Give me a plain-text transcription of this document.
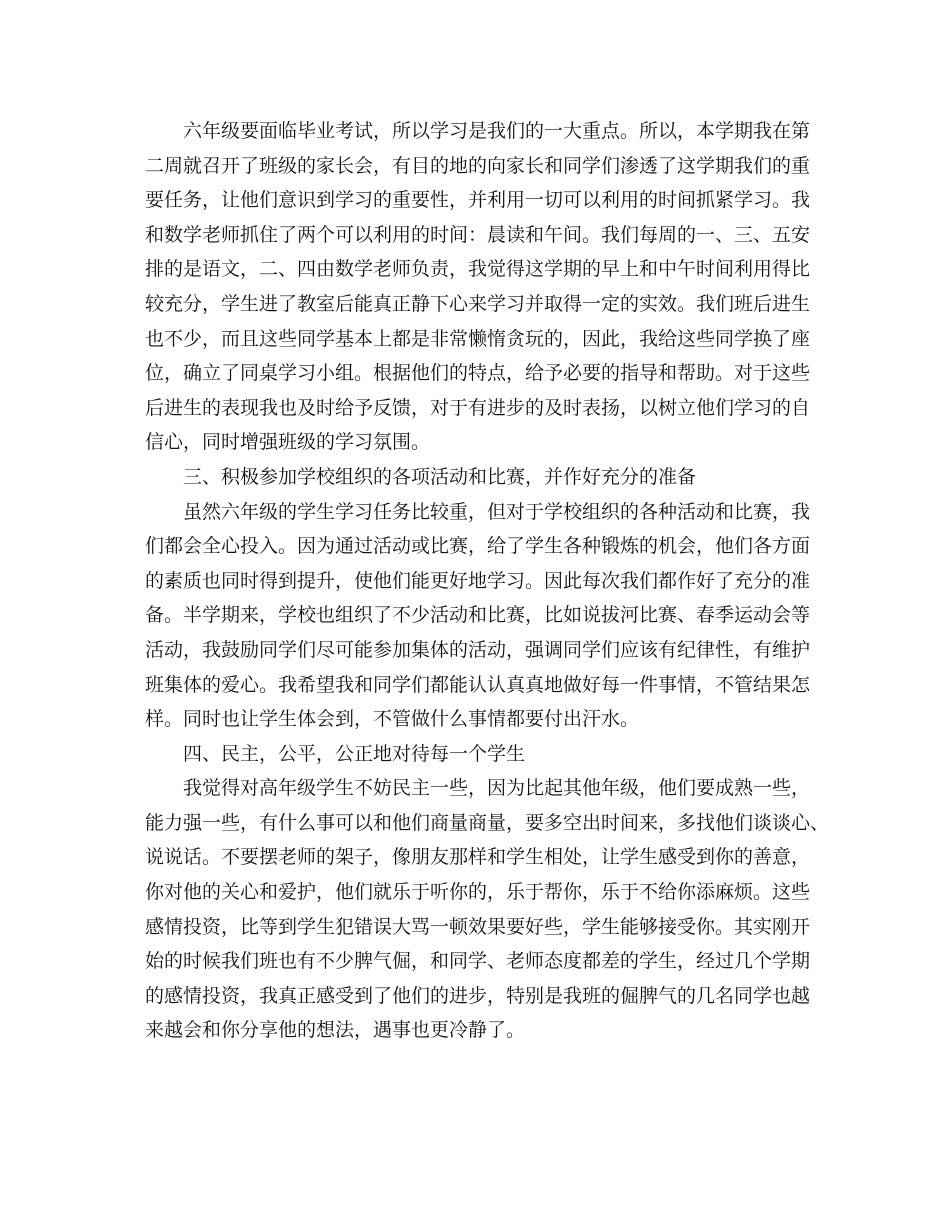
六年级要面临毕业考试，所以学习是我们的一大重点。所以，本学期我在第
二周就召开了班级的家长会，有目的地的向家长和同学们渗透了这学期我们的重
要任务，让他们意识到学习的重要性，并利用一切可以利用的时间抓紧学习。我
和数学老师抓住了两个可以利用的时间：晨读和午间。我们每周的一、三、五安
排的是语文，二、四由数学老师负责，我觉得这学期的早上和中午时间利用得比
较充分，学生进了教室后能真正静下心来学习并取得一定的实效。我们班后进生
也不少，而且这些同学基本上都是非常懒惰贪玩的，因此，我给这些同学换了座
位，确立了同桌学习小组。根据他们的特点，给予必要的指导和帮助。对于这些
后进生的表现我也及时给予反馈，对于有进步的及时表扬，以树立他们学习的自
信心，同时增强班级的学习氛围。
三、积极参加学校组织的各项活动和比赛，并作好充分的准备
虽然六年级的学生学习任务比较重，但对于学校组织的各种活动和比赛，我
们都会全心投入。因为通过活动或比赛，给了学生各种锻炼的机会，他们各方面
的素质也同时得到提升，使他们能更好地学习。因此每次我们都作好了充分的准
备。半学期来，学校也组织了不少活动和比赛，比如说拔河比赛、春季运动会等
活动，我鼓励同学们尽可能参加集体的活动，强调同学们应该有纪律性，有维护
班集体的爱心。我希望我和同学们都能认认真真地做好每一件事情，不管结果怎
样。同时也让学生体会到，不管做什么事情都要付出汗水。
四、民主，公平，公正地对待每一个学生
我觉得对高年级学生不妨民主一些，因为比起其他年级，他们要成熟一些，
能力强一些，有什么事可以和他们商量商量，要多空出时间来，多找他们谈谈心、
说说话。不要摆老师的架子，像朋友那样和学生相处，让学生感受到你的善意，
你对他的关心和爱护，他们就乐于听你的，乐于帮你，乐于不给你添麻烦。这些
感情投资，比等到学生犯错误大骂一顿效果要好些，学生能够接受你。其实刚开
始的时候我们班也有不少脾气倔，和同学、老师态度都差的学生，经过几个学期
的感情投资，我真正感受到了他们的进步，特别是我班的倔脾气的几名同学也越
来越会和你分享他的想法，遇事也更冷静了。
